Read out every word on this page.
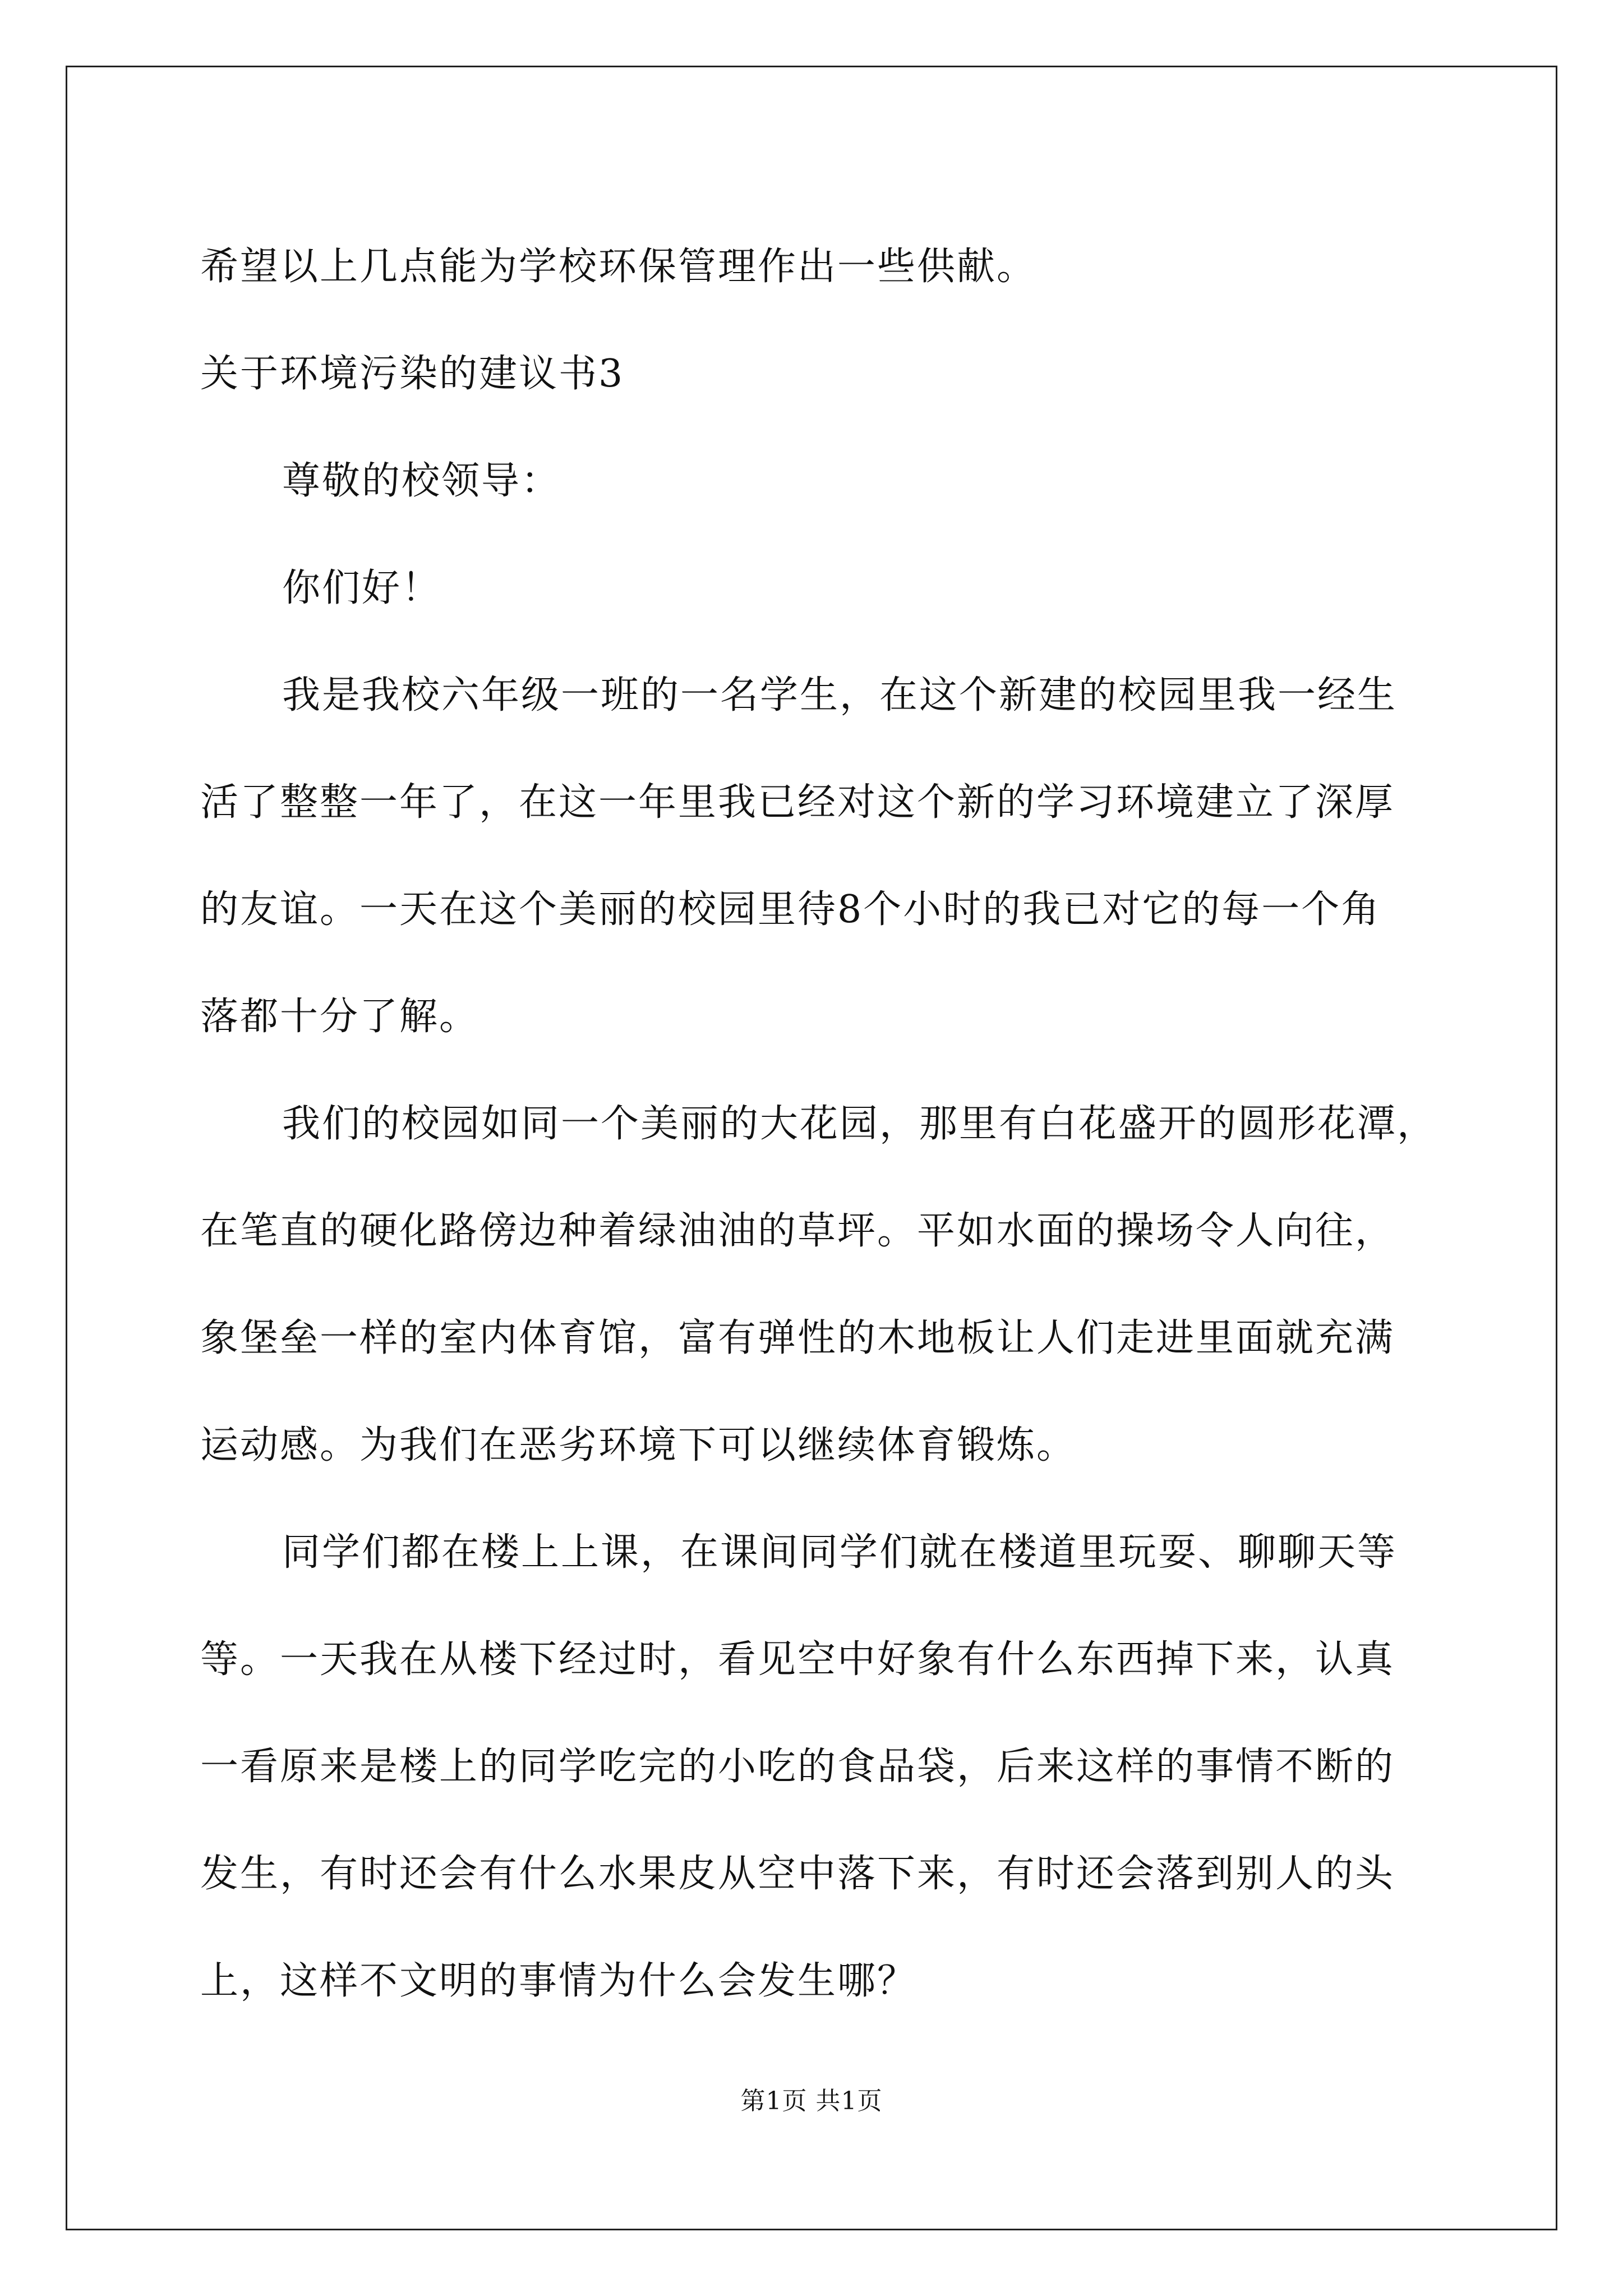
希望以上几点能为学校环保管理作出一些供献。
关于环境污染的建议书3
尊敬的校领导：
你们好！
我是我校六年级一班的一名学生，在这个新建的校园里我一经生
活了整整一年了，在这一年里我已经对这个新的学习环境建立了深厚
的友谊。一天在这个美丽的校园里待8个小时的我已对它的每一个角
落都十分了解。
我们的校园如同一个美丽的大花园，那里有白花盛开的圆形花潭，
在笔直的硬化路傍边种着绿油油的草坪。平如水面的操场令人向往，
象堡垒一样的室内体育馆，富有弹性的木地板让人们走进里面就充满
运动感。为我们在恶劣环境下可以继续体育锻炼。
同学们都在楼上上课，在课间同学们就在楼道里玩耍、聊聊天等
等。一天我在从楼下经过时，看见空中好象有什么东西掉下来，认真
一看原来是楼上的同学吃完的小吃的食品袋，后来这样的事情不断的
发生，有时还会有什么水果皮从空中落下来，有时还会落到别人的头
上，这样不文明的事情为什么会发生哪？
第1页 共1页
